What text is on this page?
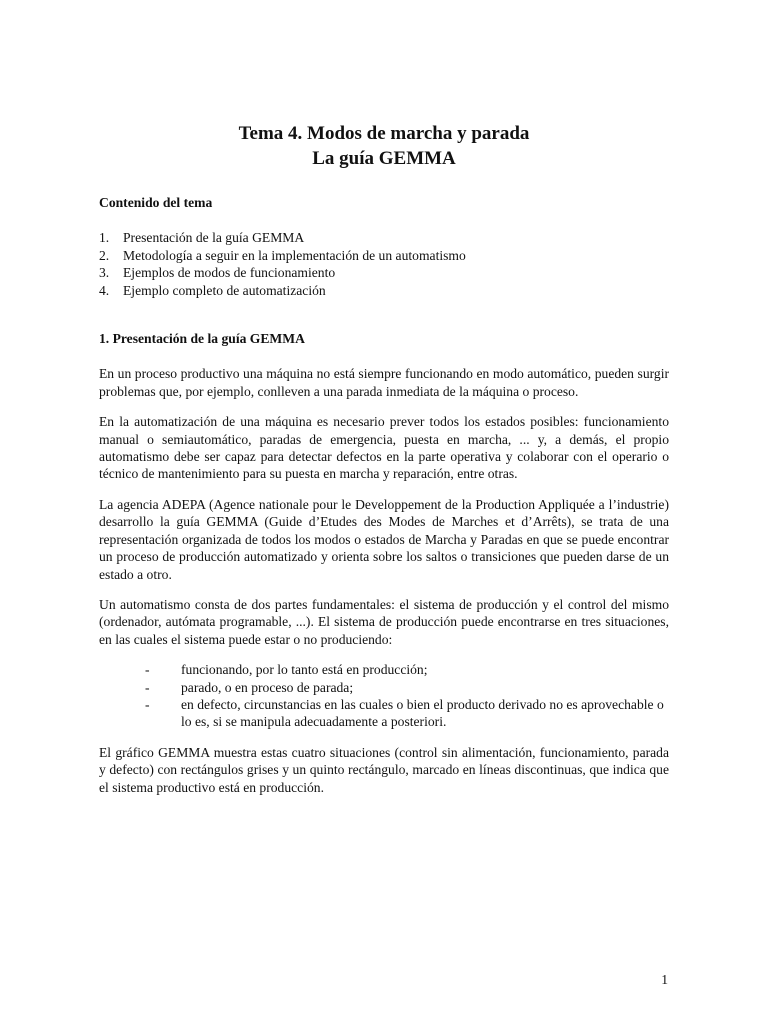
Tema 4. Modos de marcha y parada
La guía GEMMA
Contenido del tema
1.	Presentación de la guía GEMMA
2.	Metodología a seguir en la implementación de un automatismo
3.	Ejemplos de modos de funcionamiento
4.	Ejemplo completo de automatización
1. Presentación de la guía GEMMA

En un proceso productivo una máquina no está siempre funcionando en modo automático, pueden surgir problemas que, por ejemplo, conlleven a una parada inmediata de la máquina o proceso.

En la automatización de una máquina es necesario prever todos los estados posibles: funcionamiento manual o semiautomático, paradas de emergencia, puesta en marcha, ... y, a demás, el propio automatismo debe ser capaz para detectar defectos en la parte operativa y colaborar con el operario o técnico de mantenimiento para su puesta en marcha y reparación, entre otras.

La agencia ADEPA (Agence nationale pour le Developpement de la Production Appliquée a l’industrie) desarrollo la guía GEMMA (Guide d’Etudes des Modes de Marches et d’Arrêts), se trata de una representación organizada de todos los modos o estados de Marcha y Paradas en que se puede encontrar un proceso de producción automatizado y orienta sobre los saltos o transiciones que pueden darse de un estado a otro.

Un automatismo consta de dos partes fundamentales: el sistema de producción y el control del mismo (ordenador, autómata programable, ...). El sistema de producción puede encontrarse en tres situaciones, en las cuales el sistema puede estar o no produciendo:

-	funcionando, por lo tanto está en producción;
-	parado, o en proceso de parada;
-	en defecto, circunstancias en las cuales o bien el producto derivado no es aprovechable o lo es, si se manipula adecuadamente a posteriori.

El gráfico GEMMA muestra estas cuatro situaciones (control sin alimentación, funcionamiento, parada y defecto) con rectángulos grises y un quinto rectángulo, marcado en líneas discontinuas, que indica que el sistema productivo está en producción.

1
